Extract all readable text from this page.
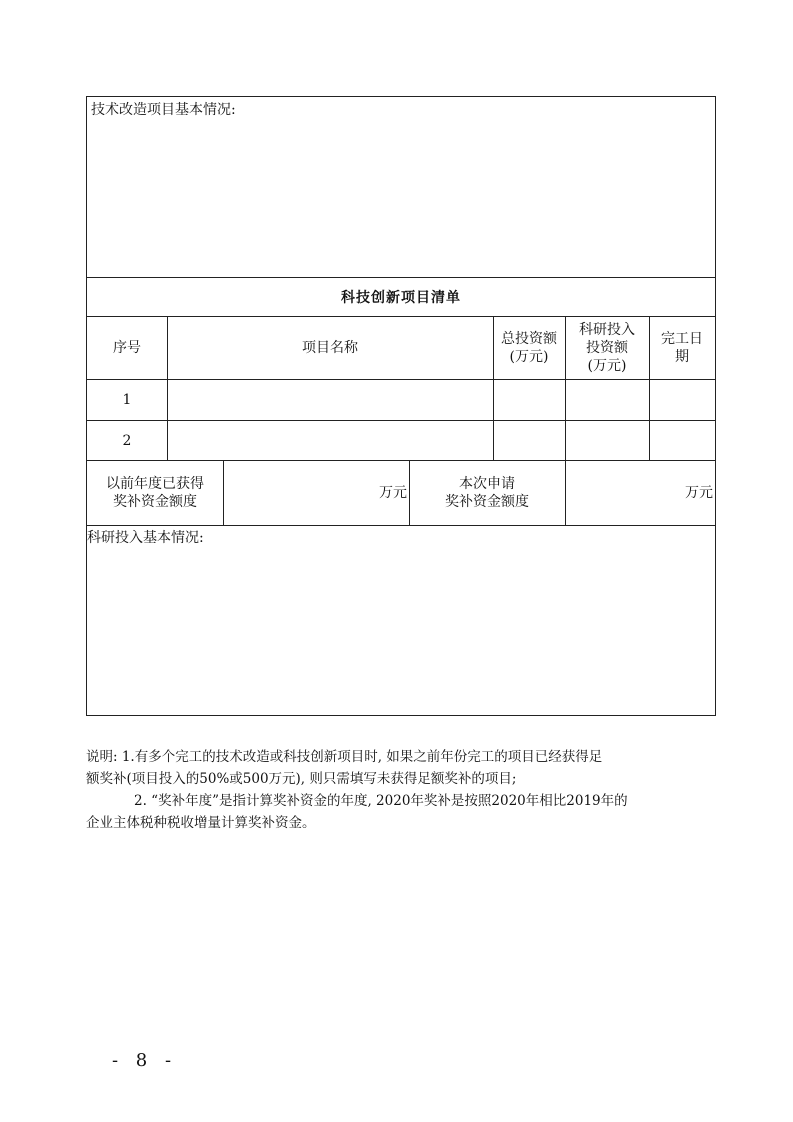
技术改造项目基本情况:
科技创新项目清单
序号	项目名称
总投资额
(万元)
科研投入
投资额
(万元)
完工日
期
1
2
以前年度已获得
奖补资金额度
万元
本次申请
奖补资金额度
万元
科研投入基本情况:

说明: 1.有多个完工的技术改造或科技创新项目时, 如果之前年份完工的项目已经获得足

额奖补(项目投入的50%或500万元), 则只需填写未获得足额奖补的项目;

2. “奖补年度”是指计算奖补资金的年度, 2020年奖补是按照2020年相比2019年的

企业主体税种税收增量计算奖补资金。

- 8 -
